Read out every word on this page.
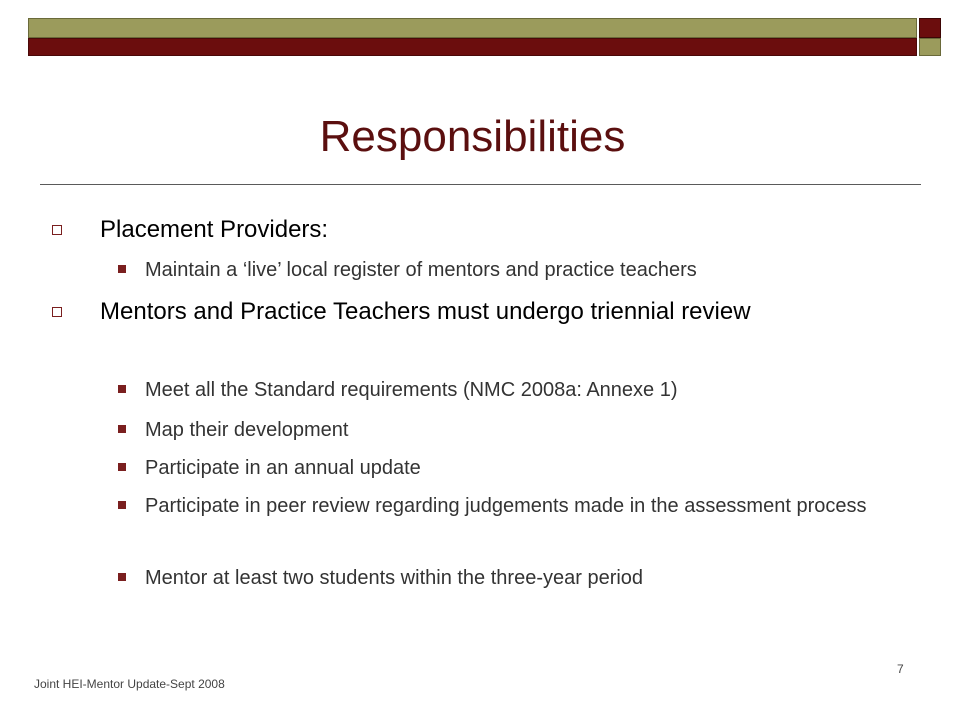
Responsibilities
Placement Providers:
Maintain a ‘live’ local register of mentors and practice teachers
Mentors and Practice Teachers must undergo triennial review
Meet all the Standard requirements (NMC 2008a: Annexe 1)
Map their development
Participate in an annual update
Participate in peer review regarding judgements made in the assessment process
Mentor at least two students within the three-year period
Joint HEI-Mentor Update-Sept 2008
7
